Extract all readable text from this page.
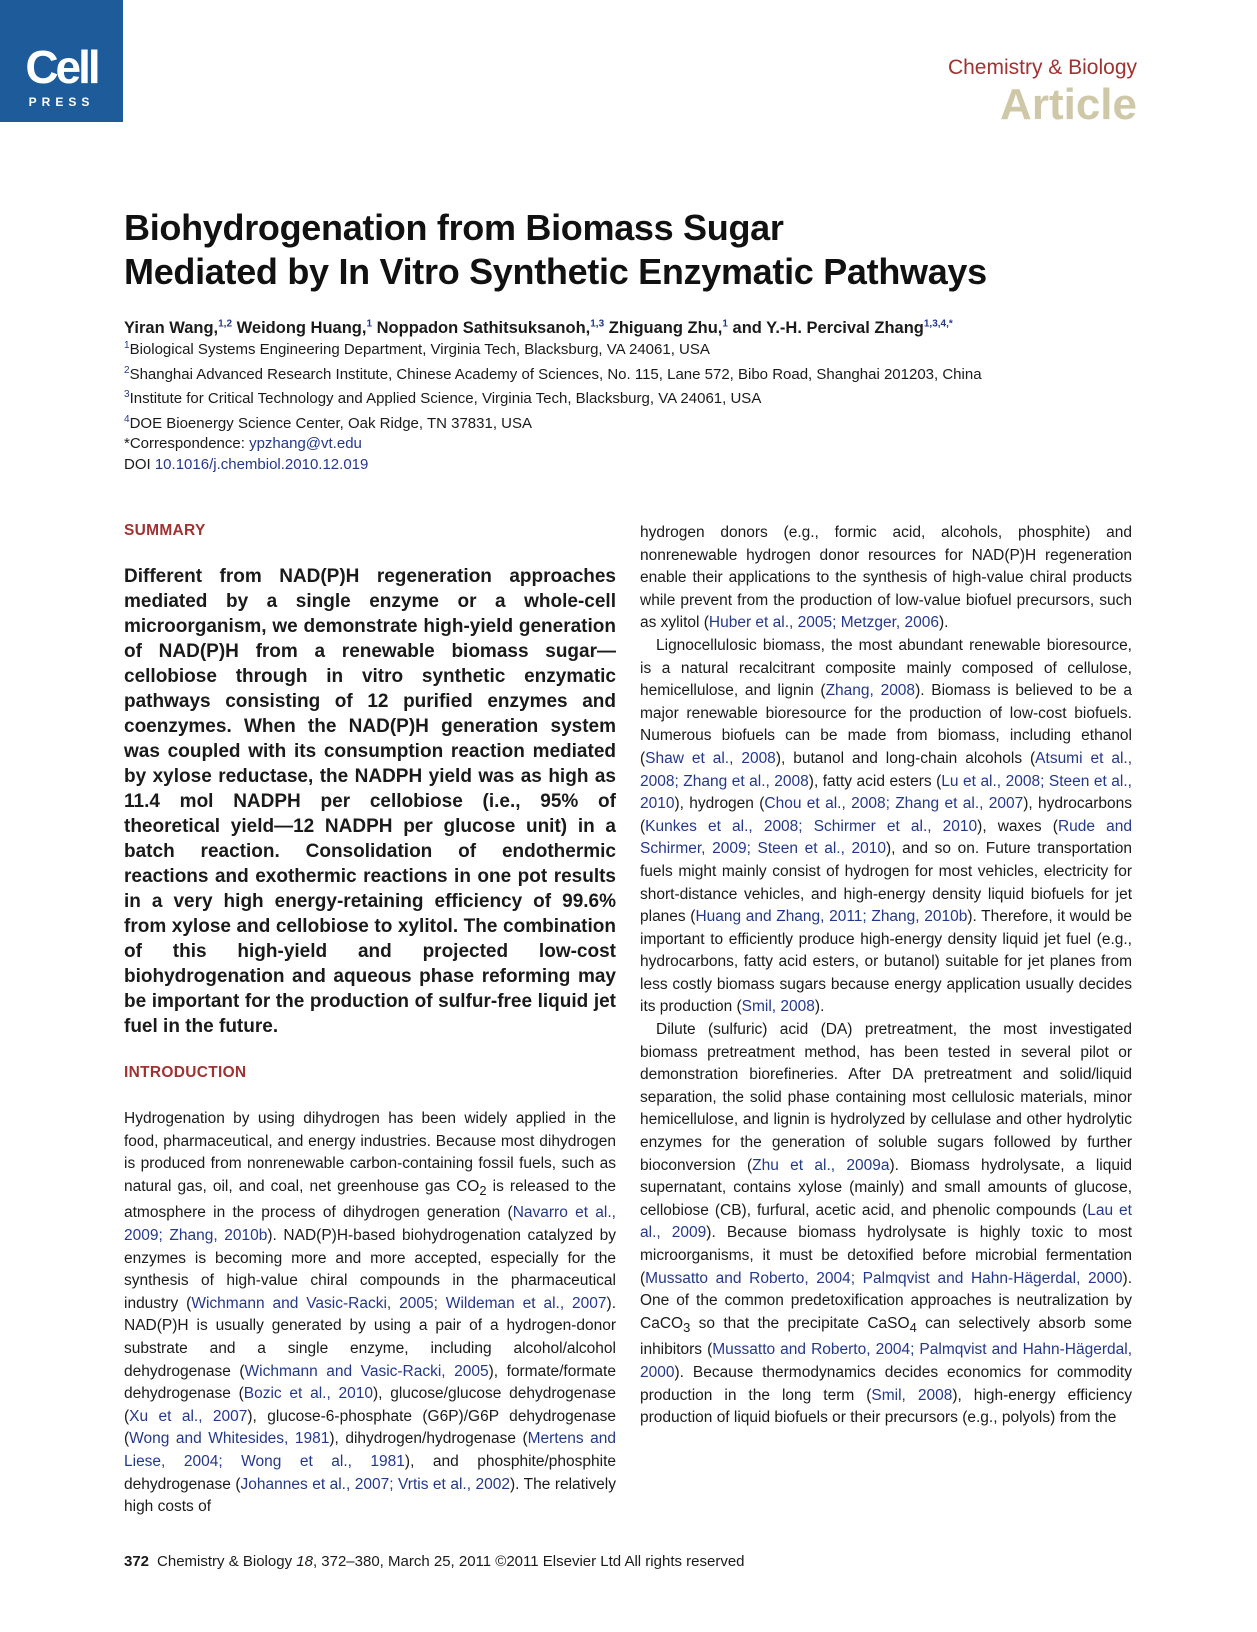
Cell
PRESS
Chemistry & Biology
Article
Biohydrogenation from Biomass Sugar
Mediated by In Vitro Synthetic Enzymatic Pathways
Yiran Wang,$^{1,2}$ Weidong Huang,$^1$ Noppadon Sathitsuksanoh,$^{1,3}$ Zhiguang Zhu,$^1$ and Y.-H. Percival Zhang$^{1,3,4,*}$
$^1$Biological Systems Engineering Department, Virginia Tech, Blacksburg, VA 24061, USA
$^2$Shanghai Advanced Research Institute, Chinese Academy of Sciences, No. 115, Lane 572, Bibo Road, Shanghai 201203, China
$^3$Institute for Critical Technology and Applied Science, Virginia Tech, Blacksburg, VA 24061, USA
$^4$DOE Bioenergy Science Center, Oak Ridge, TN 37831, USA
*Correspondence: ypzhang@vt.edu
DOI 10.1016/j.chembiol.2010.12.019
SUMMARY
Different from NAD(P)H regeneration approaches mediated by a single enzyme or a whole-cell microorganism, we demonstrate high-yield generation of NAD(P)H from a renewable biomass sugar—cellobiose through in vitro synthetic enzymatic pathways consisting of 12 purified enzymes and coenzymes. When the NAD(P)H generation system was coupled with its consumption reaction mediated by xylose reductase, the NADPH yield was as high as 11.4 mol NADPH per cellobiose (i.e., 95% of theoretical yield—12 NADPH per glucose unit) in a batch reaction. Consolidation of endothermic reactions and exothermic reactions in one pot results in a very high energy-retaining efficiency of 99.6% from xylose and cellobiose to xylitol. The combination of this high-yield and projected low-cost biohydrogenation and aqueous phase reforming may be important for the production of sulfur-free liquid jet fuel in the future.
INTRODUCTION

Hydrogenation by using dihydrogen has been widely applied in the food, pharmaceutical, and energy industries. Because most dihydrogen is produced from nonrenewable carbon-containing fossil fuels, such as natural gas, oil, and coal, net greenhouse gas $CO_2$ is released to the atmosphere in the process of dihydrogen generation (Navarro et al., 2009; Zhang, 2010b). NAD(P)H-based biohydrogenation catalyzed by enzymes is becoming more and more accepted, especially for the synthesis of high-value chiral compounds in the pharmaceutical industry (Wichmann and Vasic-Racki, 2005; Wildeman et al., 2007). NAD(P)H is usually generated by using a pair of a hydrogen-donor substrate and a single enzyme, including alcohol/alcohol dehydrogenase (Wichmann and Vasic-Racki, 2005), formate/formate dehydrogenase (Bozic et al., 2010), glucose/glucose dehydrogenase (Xu et al., 2007), glucose-6-phosphate (G6P)/G6P dehydrogenase (Wong and Whitesides, 1981), dihydrogen/hydrogenase (Mertens and Liese, 2004; Wong et al., 1981), and phosphite/phosphite dehydrogenase (Johannes et al., 2007; Vrtis et al., 2002). The relatively high costs of

hydrogen donors (e.g., formic acid, alcohols, phosphite) and nonrenewable hydrogen donor resources for NAD(P)H regeneration enable their applications to the synthesis of high-value chiral products while prevent from the production of low-value biofuel precursors, such as xylitol (Huber et al., 2005; Metzger, 2006).

Lignocellulosic biomass, the most abundant renewable bioresource, is a natural recalcitrant composite mainly composed of cellulose, hemicellulose, and lignin (Zhang, 2008). Biomass is believed to be a major renewable bioresource for the production of low-cost biofuels. Numerous biofuels can be made from biomass, including ethanol (Shaw et al., 2008), butanol and long-chain alcohols (Atsumi et al., 2008; Zhang et al., 2008), fatty acid esters (Lu et al., 2008; Steen et al., 2010), hydrogen (Chou et al., 2008; Zhang et al., 2007), hydrocarbons (Kunkes et al., 2008; Schirmer et al., 2010), waxes (Rude and Schirmer, 2009; Steen et al., 2010), and so on. Future transportation fuels might mainly consist of hydrogen for most vehicles, electricity for short-distance vehicles, and high-energy density liquid biofuels for jet planes (Huang and Zhang, 2011; Zhang, 2010b). Therefore, it would be important to efficiently produce high-energy density liquid jet fuel (e.g., hydrocarbons, fatty acid esters, or butanol) suitable for jet planes from less costly biomass sugars because energy application usually decides its production (Smil, 2008).

Dilute (sulfuric) acid (DA) pretreatment, the most investigated biomass pretreatment method, has been tested in several pilot or demonstration biorefineries. After DA pretreatment and solid/liquid separation, the solid phase containing most cellulosic materials, minor hemicellulose, and lignin is hydrolyzed by cellulase and other hydrolytic enzymes for the generation of soluble sugars followed by further bioconversion (Zhu et al., 2009a). Biomass hydrolysate, a liquid supernatant, contains xylose (mainly) and small amounts of glucose, cellobiose (CB), furfural, acetic acid, and phenolic compounds (Lau et al., 2009). Because biomass hydrolysate is highly toxic to most microorganisms, it must be detoxified before microbial fermentation (Mussatto and Roberto, 2004; Palmqvist and Hahn-Hägerdal, 2000). One of the common predetoxification approaches is neutralization by CaCO$_3$ so that the precipitate CaSO$_4$ can selectively absorb some inhibitors (Mussatto and Roberto, 2004; Palmqvist and Hahn-Hägerdal, 2000). Because thermodynamics decides economics for commodity production in the long term (Smil, 2008), high-energy efficiency production of liquid biofuels or their precursors (e.g., polyols) from the

372 Chemistry & Biology 18, 372–380, March 25, 2011 ©2011 Elsevier Ltd All rights reserved
